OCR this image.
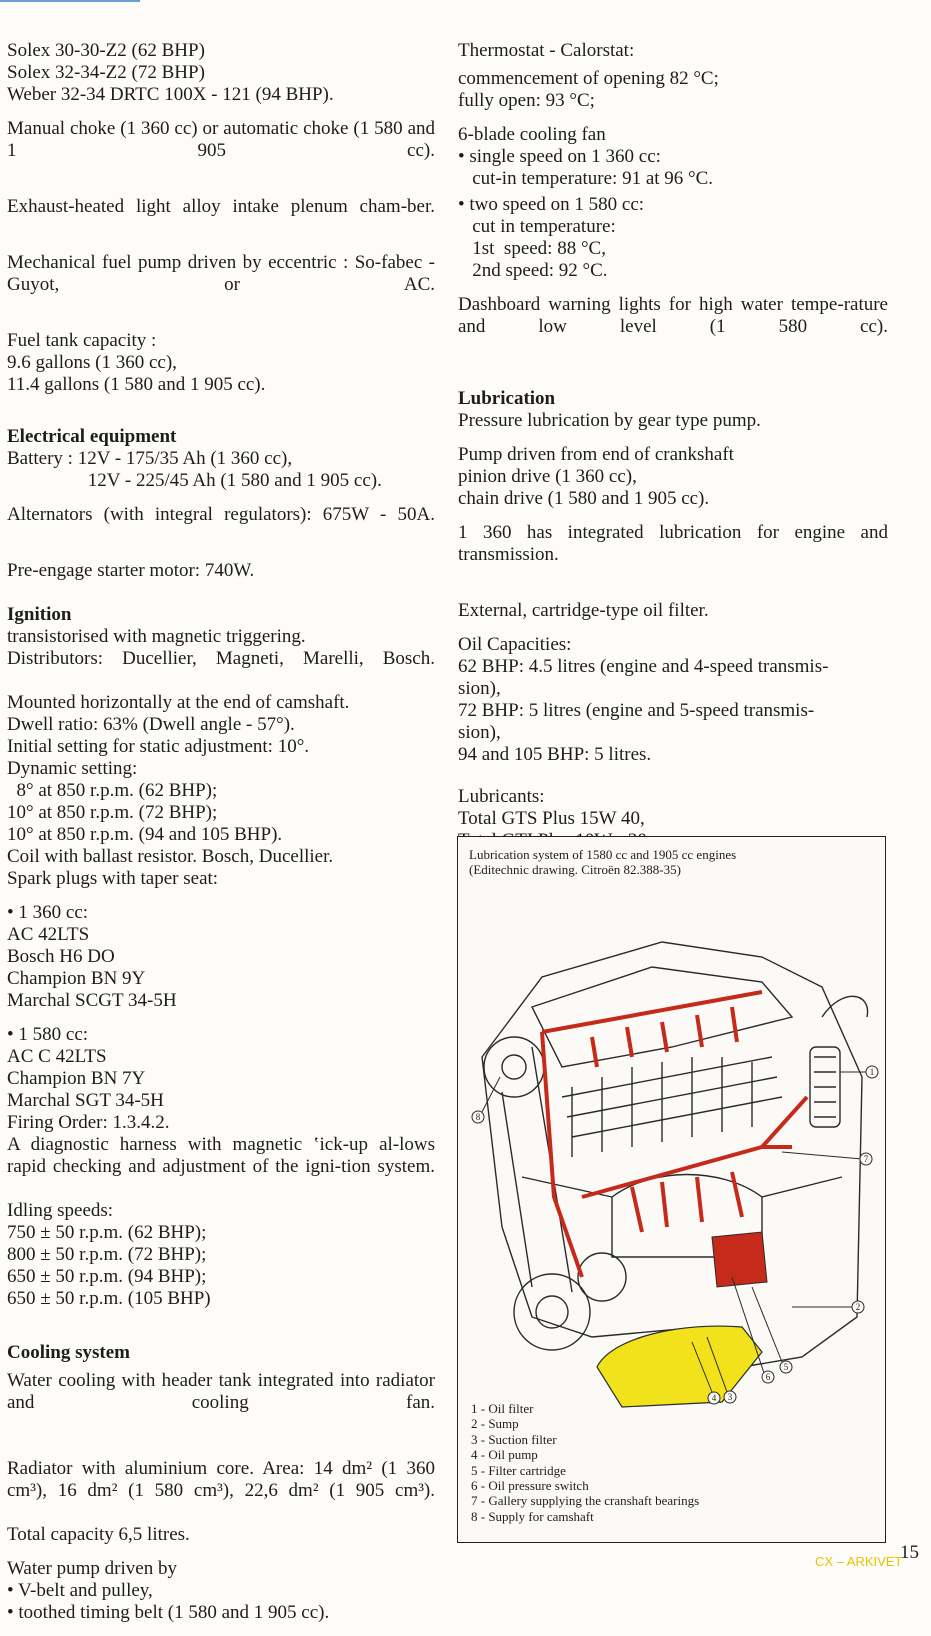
Solex 30-30-Z2 (62 BHP)
Solex 32-34-Z2 (72 BHP)
Weber 32-34 DRTC 100X - 121 (94 BHP).

Manual choke (1 360 cc) or automatic choke (1 580 and 1 905 cc).

Exhaust-heated light alloy intake plenum cham-ber.

Mechanical fuel pump driven by eccentric : So-fabec - Guyot, or AC.

Fuel tank capacity :
9.6 gallons (1 360 cc),
11.4 gallons (1 580 and 1 905 cc).

Electrical equipment

Battery : 12V - 175/35 Ah (1 360 cc),
12V - 225/45 Ah (1 580 and 1 905 cc).

Alternators (with integral regulators): 675W - 50A.

Pre-engage starter motor: 740W.

Ignition

transistorised with magnetic triggering.

Distributors: Ducellier, Magneti, Marelli, Bosch.

Mounted horizontally at the end of camshaft.
Dwell ratio: 63% (Dwell angle - 57°).
Initial setting for static adjustment: 10°.
Dynamic setting:
8° at 850 r.p.m. (62 BHP);
10° at 850 r.p.m. (72 BHP);
10° at 850 r.p.m. (94 and 105 BHP).
Coil with ballast resistor. Bosch, Ducellier.
Spark plugs with taper seat:

• 1 360 cc:
AC 42LTS
Bosch H6 DO
Champion BN 9Y
Marchal SCGT 34-5H

• 1 580 cc:
AC C 42LTS
Champion BN 7Y
Marchal SGT 34-5H
Firing Order: 1.3.4.2.

A diagnostic harness with magnetic ‛ick-up al-lows rapid checking and adjustment of the igni-tion system.

Idling speeds:
750 ± 50 r.p.m. (62 BHP);
800 ± 50 r.p.m. (72 BHP);
650 ± 50 r.p.m. (94 BHP);
650 ± 50 r.p.m. (105 BHP)

Cooling system

Water cooling with header tank integrated into radiator and cooling fan.

Radiator with aluminium core. Area: 14 dm² (1 360 cm³), 16 dm² (1 580 cm³), 22,6 dm² (1 905 cm³).

Total capacity 6,5 litres.

Water pump driven by
• V-belt and pulley,
• toothed timing belt (1 580 and 1 905 cc).

Thermostat - Calorstat:

commencement of opening 82 °C;
fully open: 93 °C;

6-blade cooling fan
• single speed on 1 360 cc:
cut-in temperature: 91 at 96 °C.

• two speed on 1 580 cc:
cut in temperature:
1st  speed: 88 °C,
2nd speed: 92 °C.

Dashboard warning lights for high water tempe-rature and low level (1 580 cc).

Lubrication

Pressure lubrication by gear type pump.

Pump driven from end of crankshaft
pinion drive (1 360 cc),
chain drive (1 580 and 1 905 cc).

1 360 has integrated lubrication for engine and transmission.

External, cartridge-type oil filter.

Oil Capacities:
62 BHP: 4.5 litres (engine and 4-speed transmis-
sion),
72 BHP: 5 litres (engine and 5-speed transmis-
sion),
94 and 105 BHP: 5 litres.

Lubricants:
Total GTS Plus 15W 40,

Lubrication system of 1580 cc and 1905 cc engines
(Editechnic drawing. Citroën 82.388-35)
1
2
3
4
5
6
7
8
1 - Oil filter
2 - Sump
3 - Suction filter
4 - Oil pump
5 - Filter cartridge
6 - Oil pressure switch
7 - Gallery supplying the cranshaft bearings
8 - Supply for camshaft
15
CX – ARKIVET
